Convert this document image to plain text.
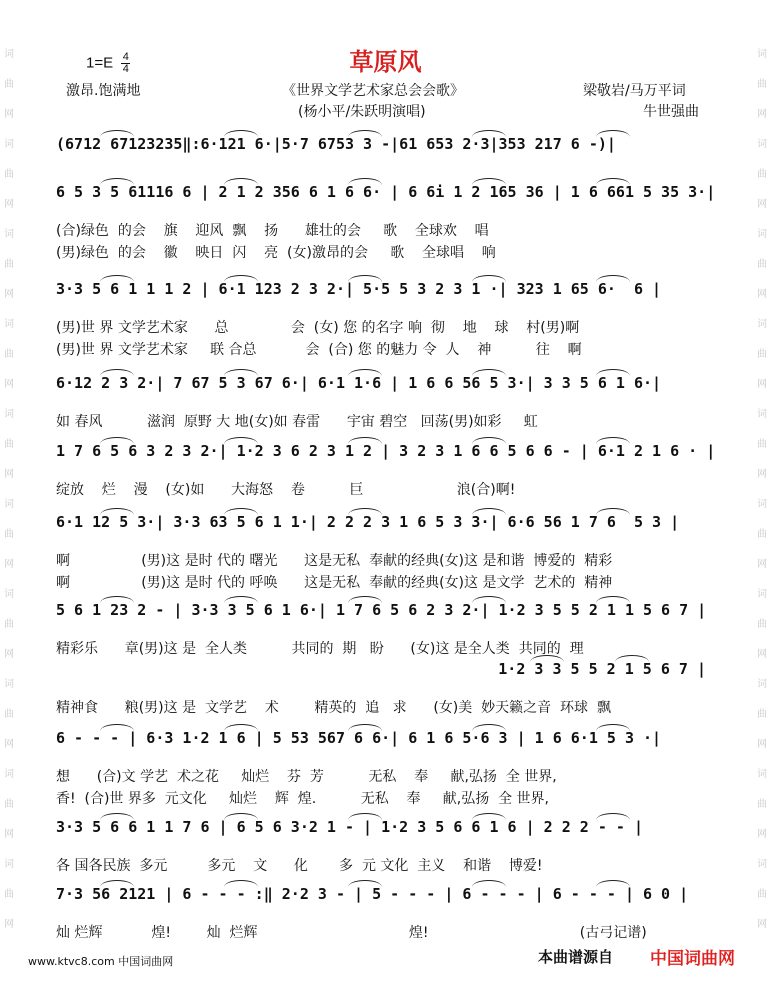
词
曲
网
词
曲
网
词
曲
网
词
曲
网
词
曲
网
词
曲
网
词
曲
网
词
曲
网
词
曲
网
词
曲
网
词
曲
网
词
曲
网
词
曲
网
词
曲
网
词
曲
网
词
曲
网
词
曲
网
词
曲
网
词
曲
网
词
曲
网
$1=E \frac{4}{4}$	草原风
激昂.饱满地	《世界文学艺术家总会会歌》
(杨小平/朱跃明演唱)
梁敬岩/马万平词
牛世强曲
(6712 67123235‖:6·121 6·|5·7 6753 3 -|61 653 2·3|353 217 6 -)|
6 5 3 5 61116 6 | 2 1 2 356 6 1 6 6· | 6 6i 1 2 165 36 | 1 6 661 5 35 3·|
(合)绿色  的会    旗    迎风  飘    扬      雄壮的会     歌    全球欢    唱
(男)绿色  的会    徽    映日  闪    亮  (女)激昂的会     歌    全球唱    响
3·3 5 6 1 1 1 2 | 6·1 123 2 3 2·| 5·5 5 3 2 3 1 ·| 323 1 65 6·  6 |
(男)世 界 文学艺术家      总              会  (女) 您 的名字 响  彻    地    球    村(男)啊
(男)世 界 文学艺术家     联 合总           会  (合) 您 的魅力 令  人    神          往    啊
6·12 2 3 2·| 7 67 5 3 67 6·| 6·1 1·6 | 1 6 6 56 5 3·| 3 3 5 6 1 6·|
如 春风          滋润  原野 大 地(女)如 春雷      宇宙 碧空   回荡(男)如彩     虹
1 7 6 5 6 3 2 3 2·| 1·2 3 6 2 3 1 2 | 3 2 3 1 6 6 5 6 6 - | 6·1 2 1 6 · |
绽放    烂    漫    (女)如      大海怒    卷          巨                     浪(合)啊!
6·1 12 5 3·| 3·3 63 5 6 1 1·| 2 2 2 3 1 6 5 3 3·| 6·6 56 1 7 6  5 3 |
啊                (男)这 是时 代的 曙光      这是无私  奉献的经典(女)这 是和谐  博爱的  精彩
啊                (男)这 是时 代的 呼唤      这是无私  奉献的经典(女)这 是文学  艺术的  精神
5 6 1 23 2 - | 3·3 3 5 6 1 6·| 1 7 6 5 6 2 3 2·| 1·2 3 5 5 2 1 1 5 6 7 |
精彩乐      章(男)这 是  全人类          共同的  期   盼      (女)这 是全人类  共同的  理
1·2 3 3 5 5 2 1 5 6 7 |
精神食      粮(男)这 是  文学艺    术        精英的  追   求      (女)美  妙天籁之音  环球  飘
6 - - - | 6·3 1·2 1 6 | 5 53 567 6 6·| 6 1 6 5·6 3 | 1 6 6·1 5 3 ·|
想      (合)文 学艺  术之花     灿烂    芬  芳          无私    奉     献,弘扬  全 世界,
香!  (合)世 界多  元文化     灿烂    辉  煌.          无私    奉     献,弘扬  全 世界,
3·3 5 6 6 1 1 7 6 | 6 5 6 3·2 1 - | 1·2 3 5 6 6 1 6 | 2 2 2 - - |
各 国各民族  多元         多元    文      化       多  元 文化  主义    和谐    博爱!
7·3 56 2121 | 6 - - - :‖ 2·2 3 - | 5 - - - | 6 - - - | 6 - - - | 6 0 |
灿 烂辉           煌!        灿  烂辉                                  煌!                                  (古弓记谱)
www.ktvc8.com 中国词曲网	本曲谱源自 中国词曲网
